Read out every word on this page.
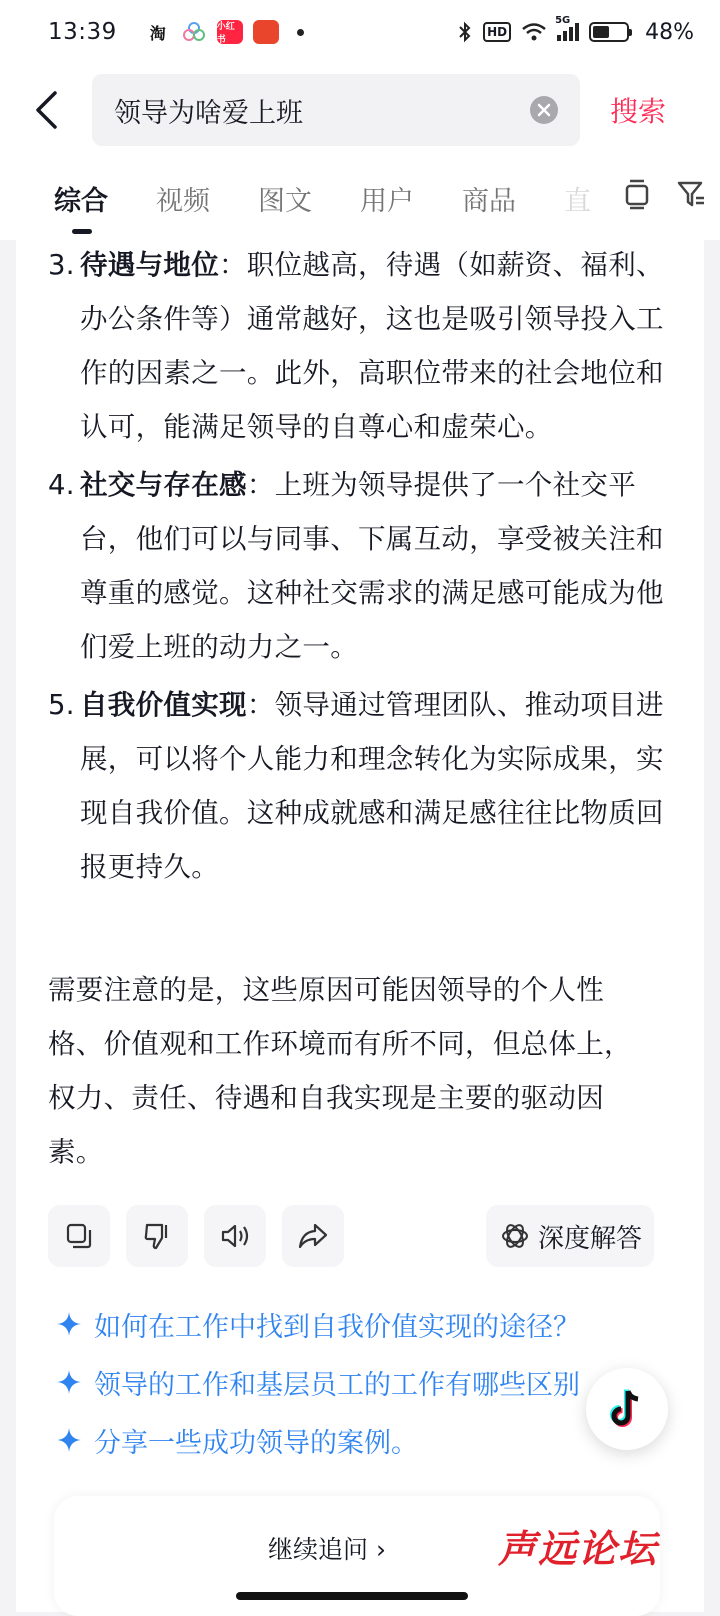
13:39	淘	小红书
HD
5G	48%
领导为啥爱上班
搜索
综合 视频 图文 用户 商品 直
3. 待遇与地位：职位越高，待遇（如薪资、福利、办公条件等）通常越好，这也是吸引领导投入工作的因素之一。此外，高职位带来的社会地位和认可，能满足领导的自尊心和虚荣心。
4. 社交与存在感：上班为领导提供了一个社交平台，他们可以与同事、下属互动，享受被关注和尊重的感觉。这种社交需求的满足感可能成为他们爱上班的动力之一。
5. 自我价值实现：领导通过管理团队、推动项目进展，可以将个人能力和理念转化为实际成果，实现自我价值。这种成就感和满足感往往比物质回报更持久。
需要注意的是，这些原因可能因领导的个人性格、价值观和工作环境而有所不同，但总体上，权力、责任、待遇和自我实现是主要的驱动因素。
深度解答
如何在工作中找到自我价值实现的途径？
领导的工作和基层员工的工作有哪些区别
分享一些成功领导的案例。
继续追问 ›	声远论坛
